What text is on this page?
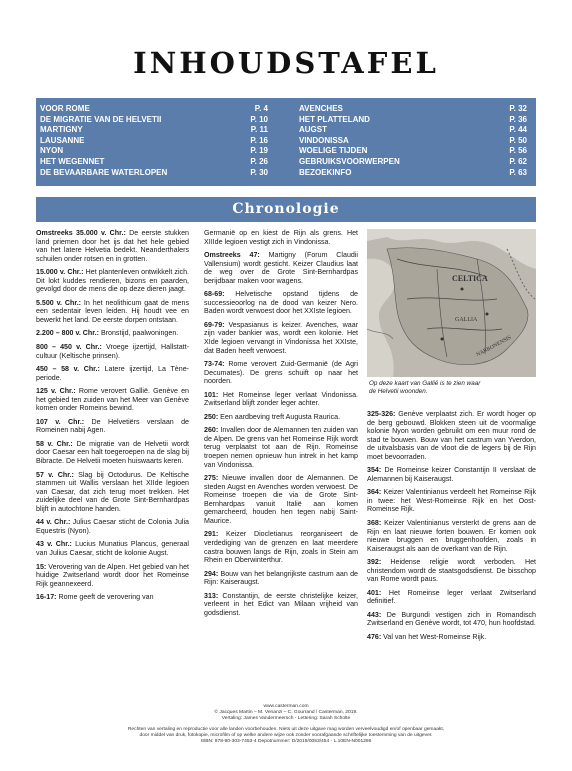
INHOUDSTAFEL
VOOR ROME	P. 4
DE MIGRATIE VAN DE HELVETII	P. 10
MARTIGNY	P. 11
LAUSANNE	P. 16
NYON	P. 19
HET WEGENNET	P. 26
DE BEVAARBARE WATERLOPEN	P. 30
AVENCHES	P. 32
HET PLATTELAND	P. 36
AUGST	P. 44
VINDONISSA	P. 50
WOELIGE TIJDEN	P. 56
GEBRUIKSVOORWERPEN	P. 62
BEZOEKINFO	P. 63
Chronologie
Omstreeks 35.000 v. Chr.: De eerste stukken land priemen door het ijs dat het hele gebied van het latere Helvetia bedekt. Neanderthalers schuilen onder rotsen en in grotten.
15.000 v. Chr.: Het plantenleven ontwikkelt zich. Dit lokt kuddes rendieren, bizons en paarden, gevolgd door de mens die op deze dieren jaagt.
5.500 v. Chr.: In het neolithicum gaat de mens een sedentair leven leiden. Hij houdt vee en bewerkt het land. De eerste dorpen ontstaan.
2.200 – 800 v. Chr.: Bronstijd, paalwoningen.
800 – 450 v. Chr.: Vroege ijzertijd, Hallstatt-cultuur (Keltische prinsen).
450 – 58 v. Chr.: Latere ijzertijd, La Tène-periode.
125 v. Chr.: Rome verovert Gallië. Genève en het gebied ten zuiden van het Meer van Genève komen onder Romeins bewind.
107 v. Chr.: De Helvetiërs verslaan de Romeinen nabij Agen.
58 v. Chr.: De migratie van de Helvetii wordt door Caesar een halt toegeroepen na de slag bij Bibracte. De Helvetii moeten huiswaarts keren.
57 v. Chr.: Slag bij Octodurus. De Keltische stammen uit Wallis verslaan het XIIde legioen van Caesar, dat zich terug moet trekken. Het zuidelijke deel van de Grote Sint-Bernhardpas blijft in autochtone handen.
44 v. Chr.: Julius Caesar sticht de Colonia Julia Equestris (Nyon).
43 v. Chr.: Lucius Munatius Plancus, generaal van Julius Caesar, sticht de kolonie Augst.
15: Verovering van de Alpen. Het gebied van het huidige Zwitserland wordt door het Romeinse Rijk geannexeerd.
16-17: Rome geeft de verovering van
Germanië op en kiest de Rijn als grens. Het XIIIde legioen vestigt zich in Vindonissa.
Omstreeks 47: Martigny (Forum Claudii Vallensium) wordt gesticht. Keizer Claudius laat de weg over de Grote Sint-Bernhardpas berijdbaar maken voor wagens.
68-69: Helvetische opstand tijdens de successieoorlog na de dood van keizer Nero. Baden wordt verwoest door het XXIste legioen.
69-79: Vespasianus is keizer. Avenches, waar zijn vader bankier was, wordt een kolonie. Het XIde legioen vervangt in Vindonissa het XXIste, dat Baden heeft verwoest.
73-74: Rome verovert Zuid-Germanië (de Agri Decumates). De grens schuift op naar het noorden.
101: Het Romeinse leger verlaat Vindonissa. Zwitserland blijft zonder leger achter.
250: Een aardbeving treft Augusta Raurica.
260: Invallen door de Alemannen ten zuiden van de Alpen. De grens van het Romeinse Rijk wordt terug verplaatst tot aan de Rijn. Romeinse troepen nemen opnieuw hun intrek in het kamp van Vindonissa.
275: Nieuwe invallen door de Alemannen. De steden Augst en Avenches worden verwoest. De Romeinse troepen die via de Grote Sint-Bernhardpas vanuit Italië aan komen gemarcheerd, houden hen tegen nabij Saint-Maurice.
291: Keizer Diocletianus reorganiseert de verdediging van de grenzen en laat meerdere castra bouwen langs de Rijn, zoals in Stein am Rhein en Oberwinterthur.
294: Bouw van het belangrijkste castrum aan de Rijn: Kaiseraugst.
313: Constantijn, de eerste christelijke keizer, verleent in het Edict van Milaan vrijheid van godsdienst.
CELTICA
GALLIA
NARBONENSIS
Op deze kaart van Gallië is te zien waar de Helvetii woonden.
325-326: Genève verplaatst zich. Er wordt hoger op de berg gebouwd. Blokken steen uit de voormalige kolonie Nyon worden gebruikt om een muur rond de stad te bouwen. Bouw van het castrum van Yverdon, de uitvalsbasis van de vloot die de legers bij de Rijn moet bevoorraden.
354: De Romeinse keizer Constantijn II verslaat de Alemannen bij Kaiseraugst.
364: Keizer Valentinianus verdeelt het Romeinse Rijk in twee: het West-Romeinse Rijk en het Oost-Romeinse Rijk.
368: Keizer Valentinianus versterkt de grens aan de Rijn en laat nieuwe forten bouwen. Er komen ook nieuwe bruggen en bruggenhoofden, zoals in Kaiseraugst als aan de overkant van de Rijn.
392: Heidense religie wordt verboden. Het christendom wordt de staatsgodsdienst. De bisschop van Rome wordt paus.
401: Het Romeinse leger verlaat Zwitserland definitief.
443: De Burgundi vestigen zich in Romandisch Zwitserland en Genève wordt, tot 470, hun hoofdstad.
476: Val van het West-Romeinse Rijk.
www.casterman.com
© Jacques Martin – M. Venanzi – C. Gourrand / Casterman, 2019.
Vertaling: James Vandermeersch - Lettering: Sarah Scholte
Rechten van vertaling en reproductie voor alle landen voorbehouden. Niets uit deze uitgave mag worden verveelvoudigd en/of openbaar gemaakt,
door middel van druk, fotokopie, microfilm of op welke andere wijze ook zonder voorafgaande schriftelijke toestemming van de uitgever.
ISBN: 978-90-303-7453-4 Depotnummer: D/2019/0053/454 - L.10EN-N001286
